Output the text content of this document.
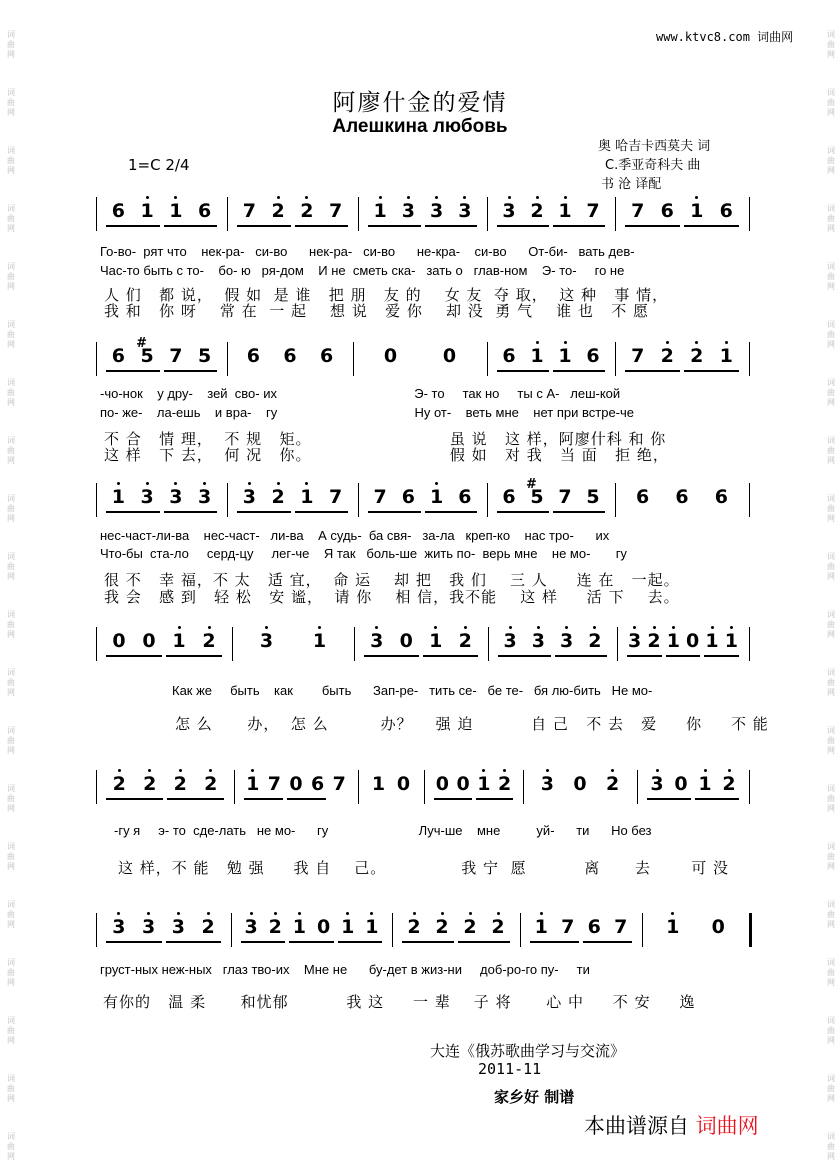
词
曲
网
词
曲
网
词
曲
网
词
曲
网
词
曲
网
词
曲
网
词
曲
网
词
曲
网
词
曲
网
词
曲
网
词
曲
网
词
曲
网
词
曲
网
词
曲
网
词
曲
网
词
曲
网
词
曲
网
词
曲
网
词
曲
网
词
曲
网
词
曲
网
词
曲
网
词
曲
网
词
曲
网
词
曲
网
词
曲
网
词
曲
网
词
曲
网
词
曲
网
词
曲
网
词
曲
网
词
曲
网
词
曲
网
词
曲
网
词
曲
网
词
曲
网
词
曲
网
词
曲
网
词
曲
网
词
曲
网
www.ktvc8.com 词曲网
阿廖什金的爱情
Алешкина любовь
奥 哈吉卡西莫夫 词
С.季亚奇科夫 曲
书 沧 译配
1=C 2/4
6 1 1 6 7 2 2 7 1 3 3 3 3 2 1 7 7 6 1 6
Го-во-  рят что    нек-ра-   си-во      нек-ра-   си-во      не-кра-    си-во      От-би-   вать дев-
Час-то быть с то-    бо- ю   ря-дом    И не  сметь ска-   зать о   глав-ном    Э- то-     го не
人 们   都 说，  假 如  是 谁   把 朋   友 的    女 友  夺 取，  这 种   事 情，
我 和   你 呀    常 在  一 起    想 说   爱 你    却 没  勇 气    谁 也   不 愿
6 5
#
7 5 6 6 6	0 0 6 1 1 6 7 2 2 1
-чо-нок    у дру-    зей  сво- их                                      Э- то     так но     ты с А-   леш-кой
по- же-    ла-ешь    и вра-    гу                                      Ну от-    веть мне    нет при встре-че
不 合   情 理，  不 规   矩。                        虽 说   这 样，阿廖什科 和 你
这 样   下 去，  何 况   你。                        假 如   对 我   当 面   拒 绝，
1 3 3 3 3 2 1 7 7 6 1 6 6 5
#
7 5 6 6 6
нес-част-ли-ва    нес-част-   ли-ва    А судь-  ба свя-   за-ла   креп-ко    нас тро-      их
Что-бы  ста-ло     серд-цу     лег-че    Я так   боль-ше  жить по-  верь мне    не мо-       гу
很 不   幸 福，不 太   适 宜，  命 运    却 把   我 们    三 人     连 在   一起。
我 会   感 到   轻 松   安 谧，  请 你    相 信，我不能    这 样     活 下    去。
0 0 1 2 3 1 3 0 1 2 3 3 3 2 3 2 1 0 1 1
Как же     быть    как        быть      Зап-ре-   тить се-   бе те-   бя лю-бить   Не мо-
怎 么      办，  怎 么         办？    强 迫          自 己   不 去   爱     你     不 能
2 2 2 2 1 7 0 6 7 1 0 0 0 1 2 3 0 2 3 0 1 2
-гу я     э- то  сде-лать   не мо-      гу                         Луч-ше    мне          уй-      ти      Но без
这 样，不 能   勉 强     我 自    己。             我 宁  愿          离      去       可 没
3 3 3 2 3 2 1 0 1 1 2 2 2 2 1 7 6 7 1 0
груст-ных неж-ных   глаз тво-их    Мне не      бу-дет в жиз-ни     доб-ро-го пу-     ти
有你的   温 柔      和忧郁          我 这     一 辈    子 将      心 中     不 安     逸
大连《俄苏歌曲学习与交流》
2011-11
家乡好 制谱
本曲谱源自 词曲网
